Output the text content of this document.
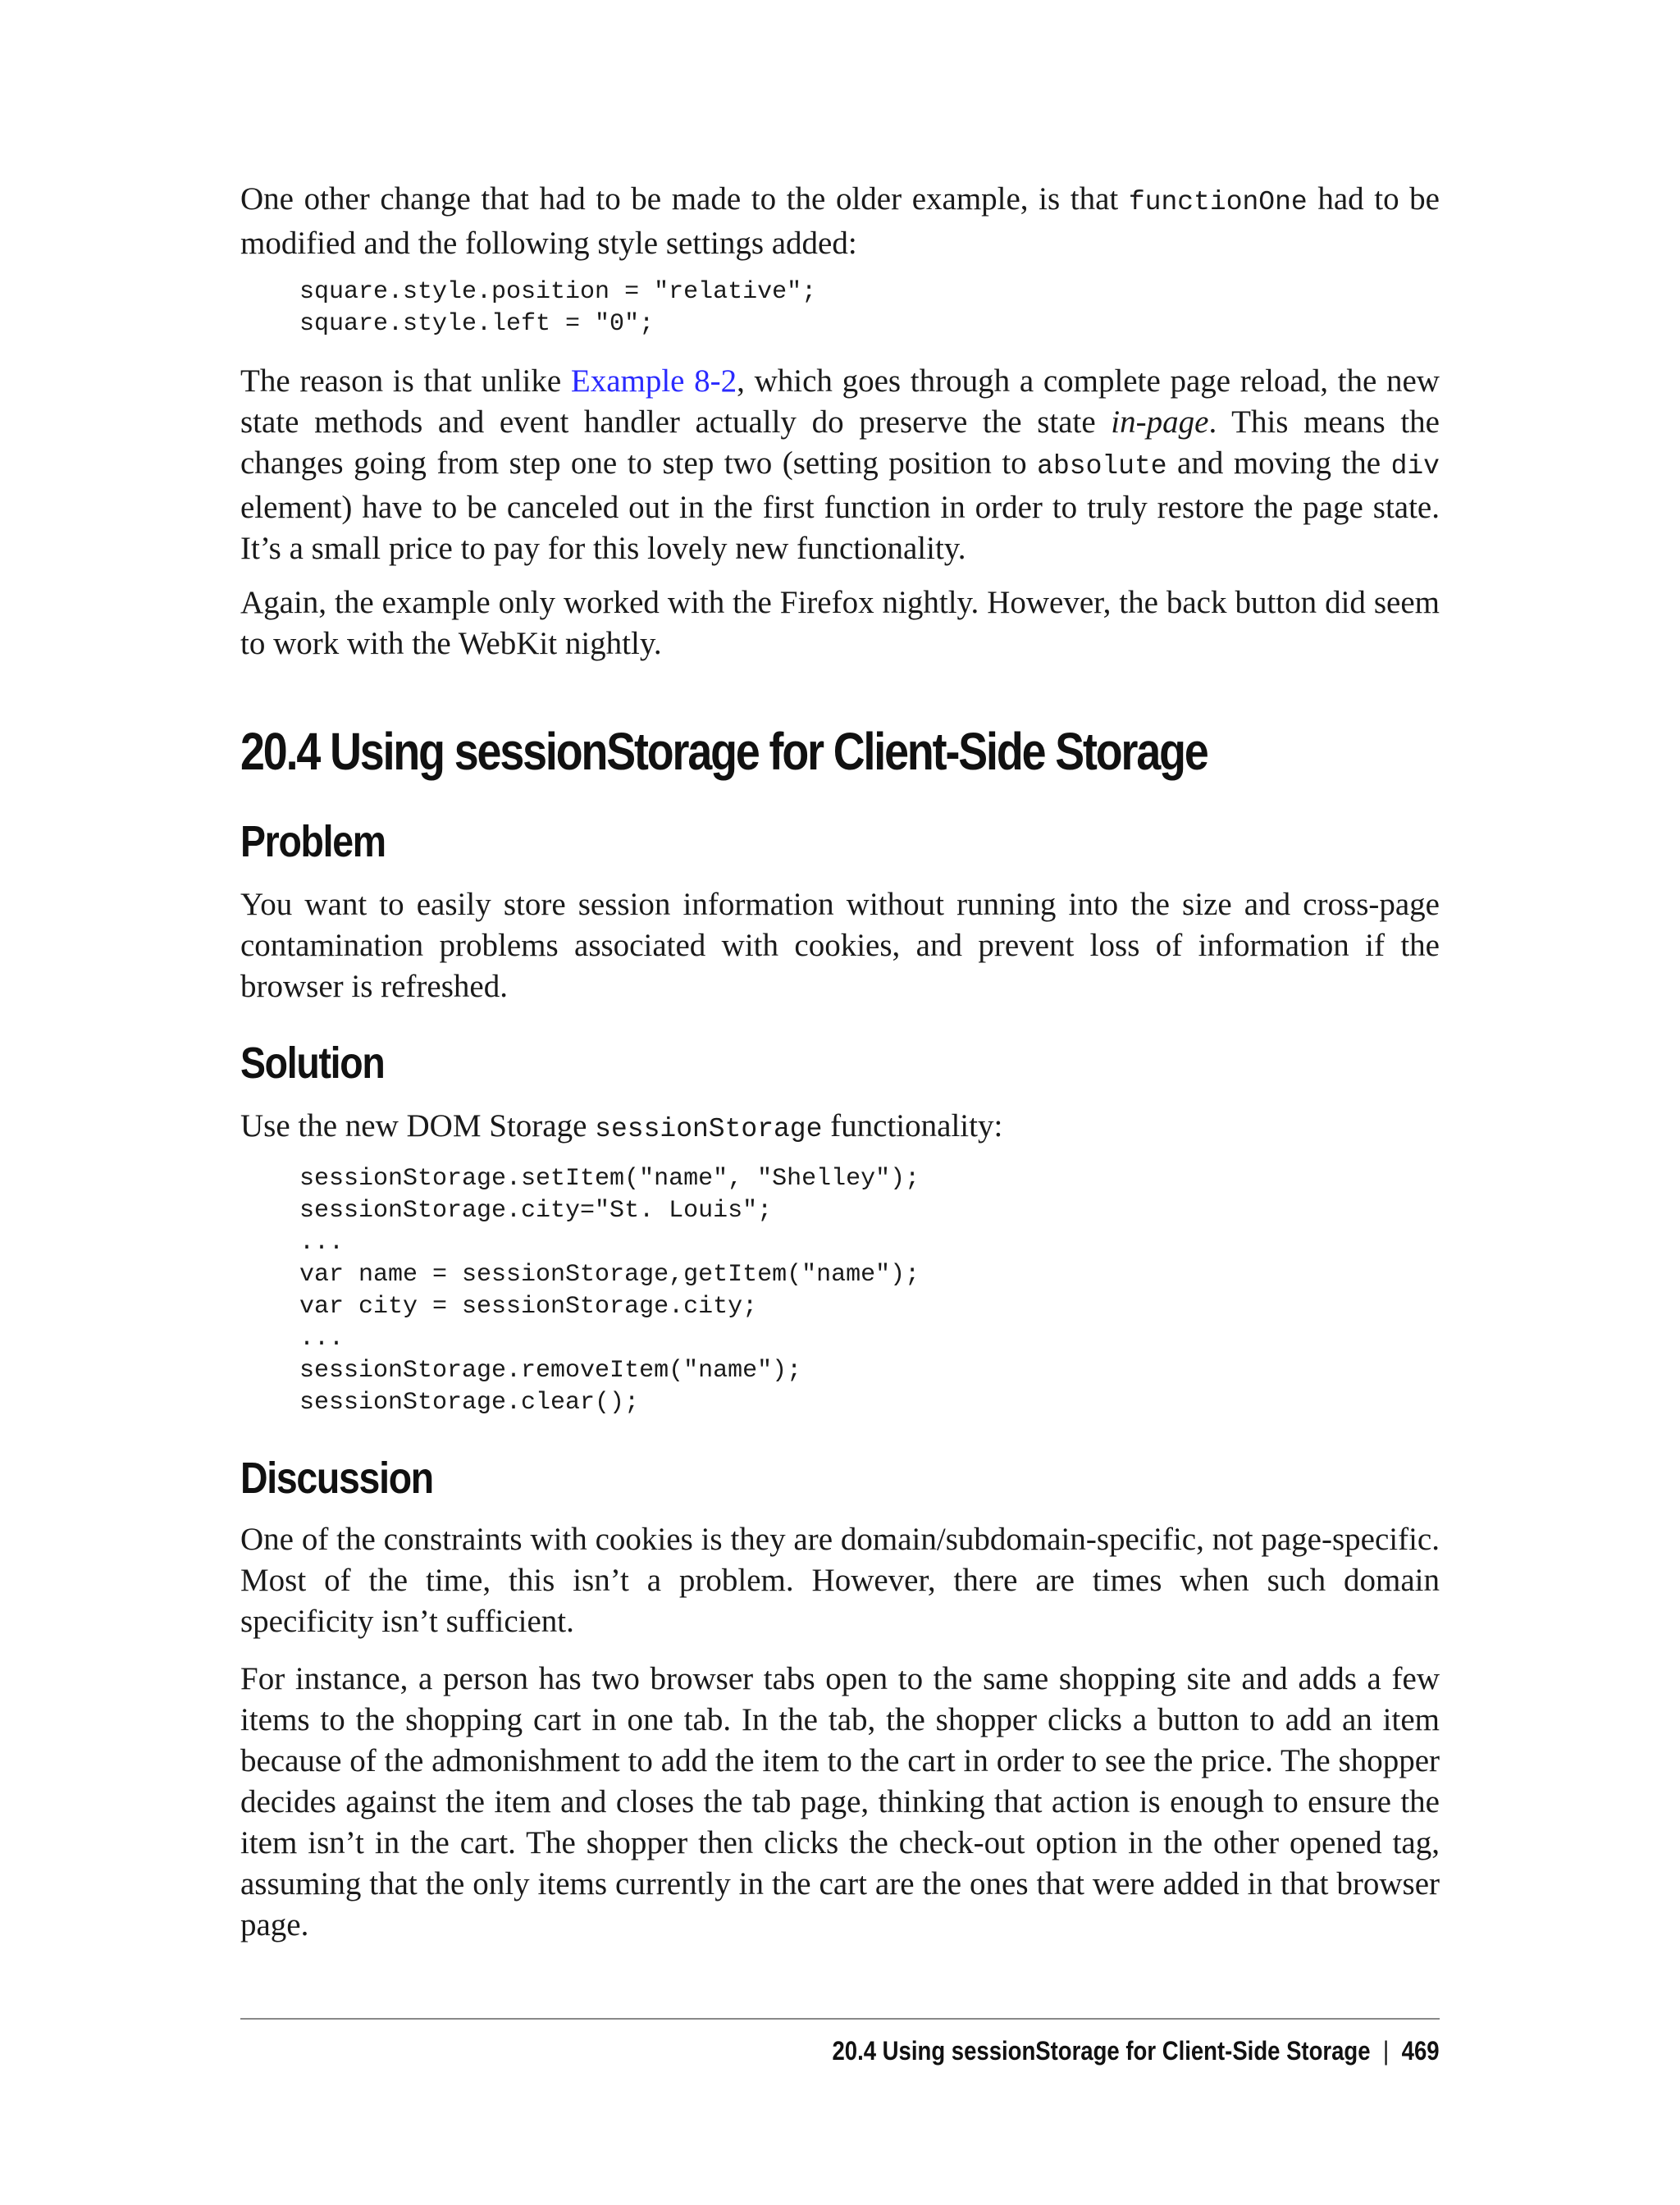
One other change that had to be made to the older example, is that functionOne had to be modified and the following style settings added:

square.style.position = "relative";
square.style.left = "0";

The reason is that unlike Example 8-2, which goes through a complete page reload, the new state methods and event handler actually do preserve the state in-page. This means the changes going from step one to step two (setting position to absolute and moving the div element) have to be canceled out in the first function in order to truly restore the page state. It’s a small price to pay for this lovely new functionality.

Again, the example only worked with the Firefox nightly. However, the back button did seem to work with the WebKit nightly.

20.4 Using sessionStorage for Client-Side Storage
Problem

You want to easily store session information without running into the size and cross-page contamination problems associated with cookies, and prevent loss of information if the browser is refreshed.

Solution

Use the new DOM Storage sessionStorage functionality:

sessionStorage.setItem("name", "Shelley");
sessionStorage.city="St. Louis";
...
var name = sessionStorage,getItem("name");
var city = sessionStorage.city;
...
sessionStorage.removeItem("name");
sessionStorage.clear();
Discussion

One of the constraints with cookies is they are domain/subdomain-specific, not page-specific. Most of the time, this isn’t a problem. However, there are times when such domain specificity isn’t sufficient.

For instance, a person has two browser tabs open to the same shopping site and adds a few items to the shopping cart in one tab. In the tab, the shopper clicks a button to add an item because of the admonishment to add the item to the cart in order to see the price. The shopper decides against the item and closes the tab page, thinking that action is enough to ensure the item isn’t in the cart. The shopper then clicks the check-out option in the other opened tag, assuming that the only items currently in the cart are the ones that were added in that browser page.

20.4 Using sessionStorage for Client-Side Storage | 469
